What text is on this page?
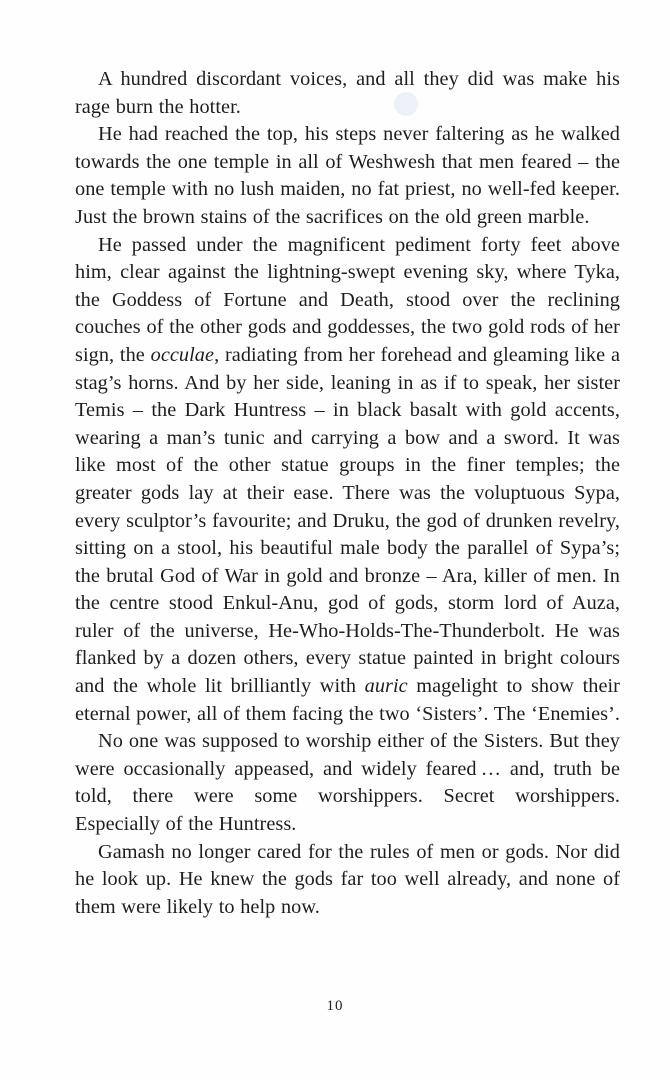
A hundred discordant voices, and all they did was make his rage burn the hotter.

He had reached the top, his steps never faltering as he walked towards the one temple in all of Weshwesh that men feared – the one temple with no lush maiden, no fat priest, no well-fed keeper. Just the brown stains of the sacrifices on the old green marble.

He passed under the magnificent pediment forty feet above him, clear against the lightning-swept evening sky, where Tyka, the Goddess of Fortune and Death, stood over the reclining couches of the other gods and goddesses, the two gold rods of her sign, the occulae, radiating from her forehead and gleaming like a stag’s horns. And by her side, leaning in as if to speak, her sister Temis – the Dark Huntress – in black basalt with gold accents, wearing a man’s tunic and carrying a bow and a sword. It was like most of the other statue groups in the finer temples; the greater gods lay at their ease. There was the voluptuous Sypa, every sculptor’s favourite; and Druku, the god of drunken revelry, sitting on a stool, his beautiful male body the parallel of Sypa’s; the brutal God of War in gold and bronze – Ara, killer of men. In the centre stood Enkul-Anu, god of gods, storm lord of Auza, ruler of the universe, He-Who-Holds-The-Thunderbolt. He was flanked by a dozen others, every statue painted in bright colours and the whole lit brilliantly with auric magelight to show their eternal power, all of them facing the two ‘Sisters’. The ‘Enemies’.

No one was supposed to worship either of the Sisters. But they were occasionally appeased, and widely feared … and, truth be told, there were some worshippers. Secret worshippers. Especially of the Huntress.

Gamash no longer cared for the rules of men or gods. Nor did he look up. He knew the gods far too well already, and none of them were likely to help now.

10
